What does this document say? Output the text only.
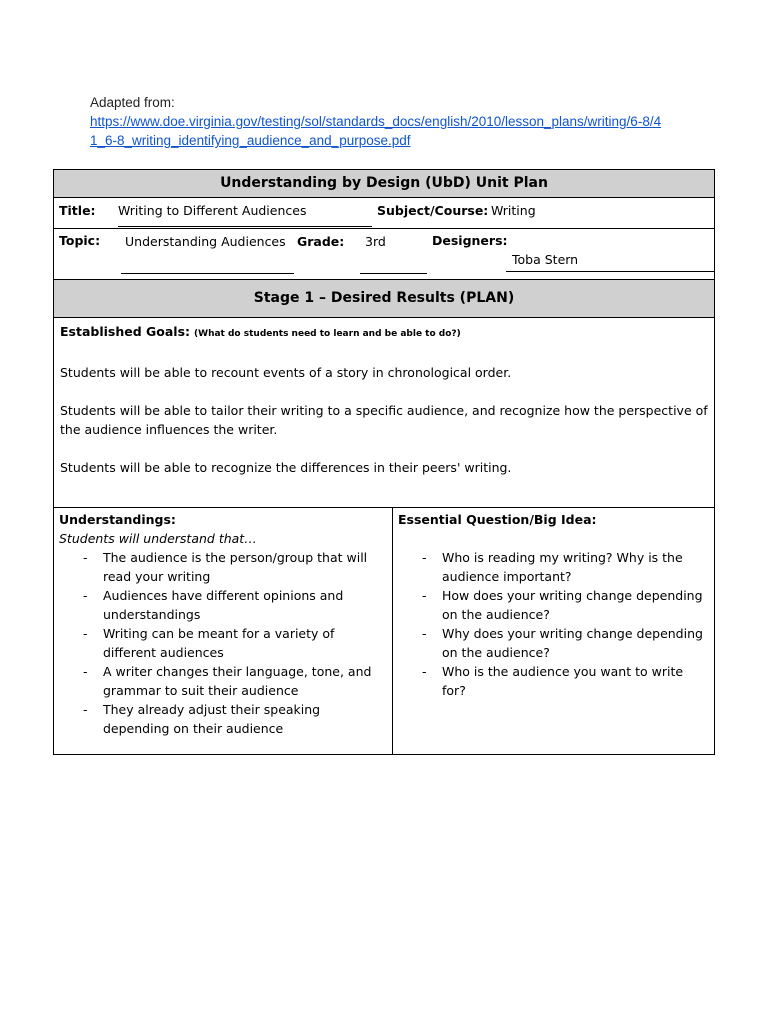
Adapted from:
https://www.doe.virginia.gov/testing/sol/standards_docs/english/2010/lesson_plans/writing/6-8/4
1_6-8_writing_identifying_audience_and_purpose.pdf
Understanding by Design (UbD) Unit Plan
Title: Writing to Different Audiences	Subject/Course: Writing
Topic: Understanding Audiences Grade: 3rd	Designers:
Toba Stern
Stage 1 – Desired Results (PLAN)

Established Goals: (What do students need to learn and be able to do?)

Students will be able to recount events of a story in chronological order.

Students will be able to tailor their writing to a specific audience, and recognize how the perspective of the audience influences the writer.

Students will be able to recognize the differences in their peers' writing.

Understandings:
Students will understand that…
- The audience is the person/group that will read your writing
- Audiences have different opinions and understandings
- Writing can be meant for a variety of different audiences
- A writer changes their language, tone, and grammar to suit their audience
- They already adjust their speaking depending on their audience
Essential Question/Big Idea:
- Who is reading my writing? Why is the audience important?
- How does your writing change depending on the audience?
- Why does your writing change depending on the audience?
- Who is the audience you want to write for?
